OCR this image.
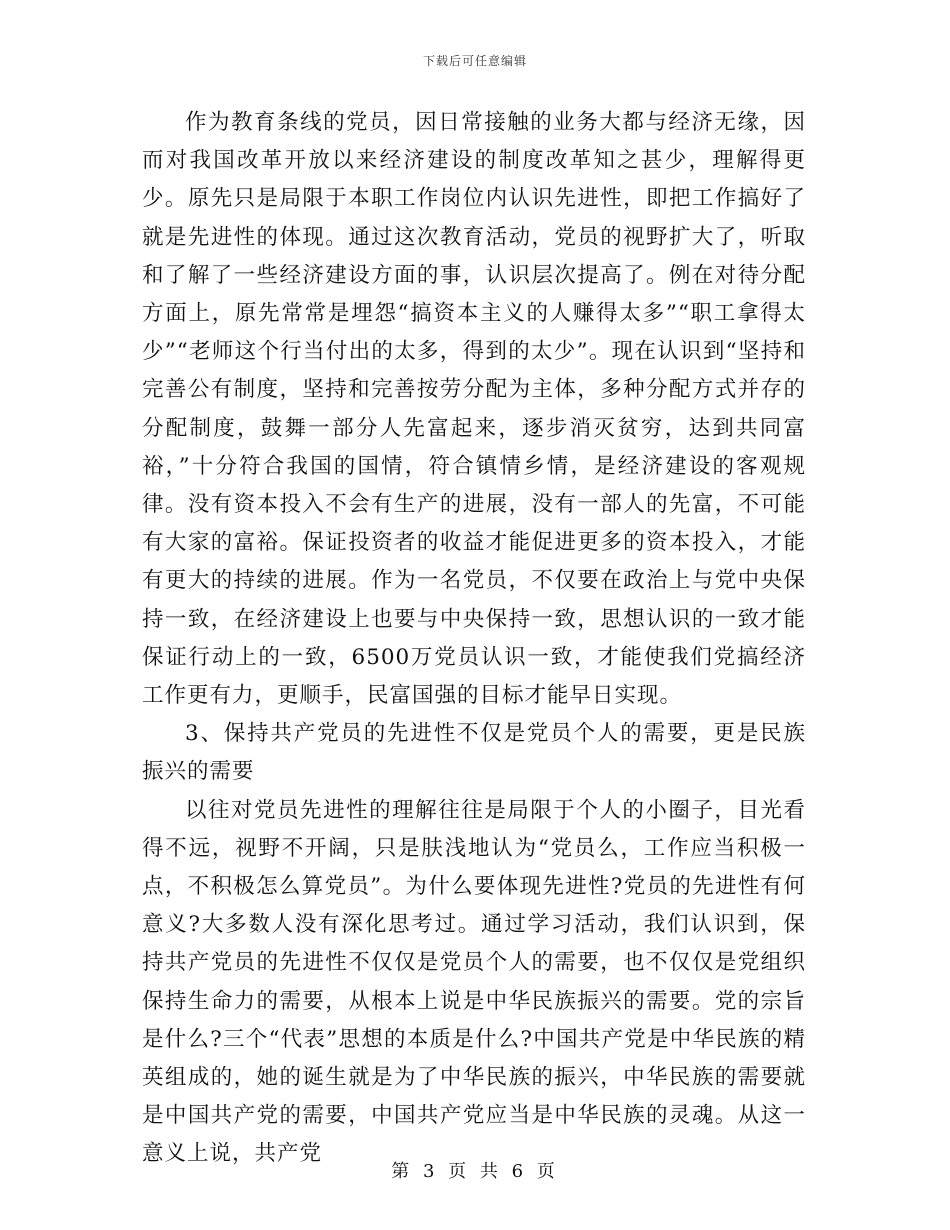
下载后可任意编辑

作为教育条线的党员，因日常接触的业务大都与经济无缘，因而对我国改革开放以来经济建设的制度改革知之甚少，理解得更少。原先只是局限于本职工作岗位内认识先进性，即把工作搞好了就是先进性的体现。通过这次教育活动，党员的视野扩大了，听取和了解了一些经济建设方面的事，认识层次提高了。例在对待分配方面上，原先常常是埋怨“搞资本主义的人赚得太多”“职工拿得太少”“老师这个行当付出的太多，得到的太少”。现在认识到“坚持和完善公有制度，坚持和完善按劳分配为主体，多种分配方式并存的分配制度，鼓舞一部分人先富起来，逐步消灭贫穷，达到共同富裕，”十分符合我国的国情，符合镇情乡情，是经济建设的客观规律。没有资本投入不会有生产的进展，没有一部人的先富，不可能有大家的富裕。保证投资者的收益才能促进更多的资本投入，才能有更大的持续的进展。作为一名党员，不仅要在政治上与党中央保持一致，在经济建设上也要与中央保持一致，思想认识的一致才能保证行动上的一致，6500万党员认识一致，才能使我们党搞经济工作更有力，更顺手，民富国强的目标才能早日实现。

3、保持共产党员的先进性不仅是党员个人的需要，更是民族振兴的需要

以往对党员先进性的理解往往是局限于个人的小圈子，目光看得不远，视野不开阔，只是肤浅地认为“党员么，工作应当积极一点，不积极怎么算党员”。为什么要体现先进性?党员的先进性有何意义?大多数人没有深化思考过。通过学习活动，我们认识到，保持共产党员的先进性不仅仅是党员个人的需要，也不仅仅是党组织保持生命力的需要，从根本上说是中华民族振兴的需要。党的宗旨是什么?三个“代表”思想的本质是什么?中国共产党是中华民族的精英组成的，她的诞生就是为了中华民族的振兴，中华民族的需要就是中国共产党的需要，中国共产党应当是中华民族的灵魂。从这一意义上说，共产党

第 3 页 共 6 页
